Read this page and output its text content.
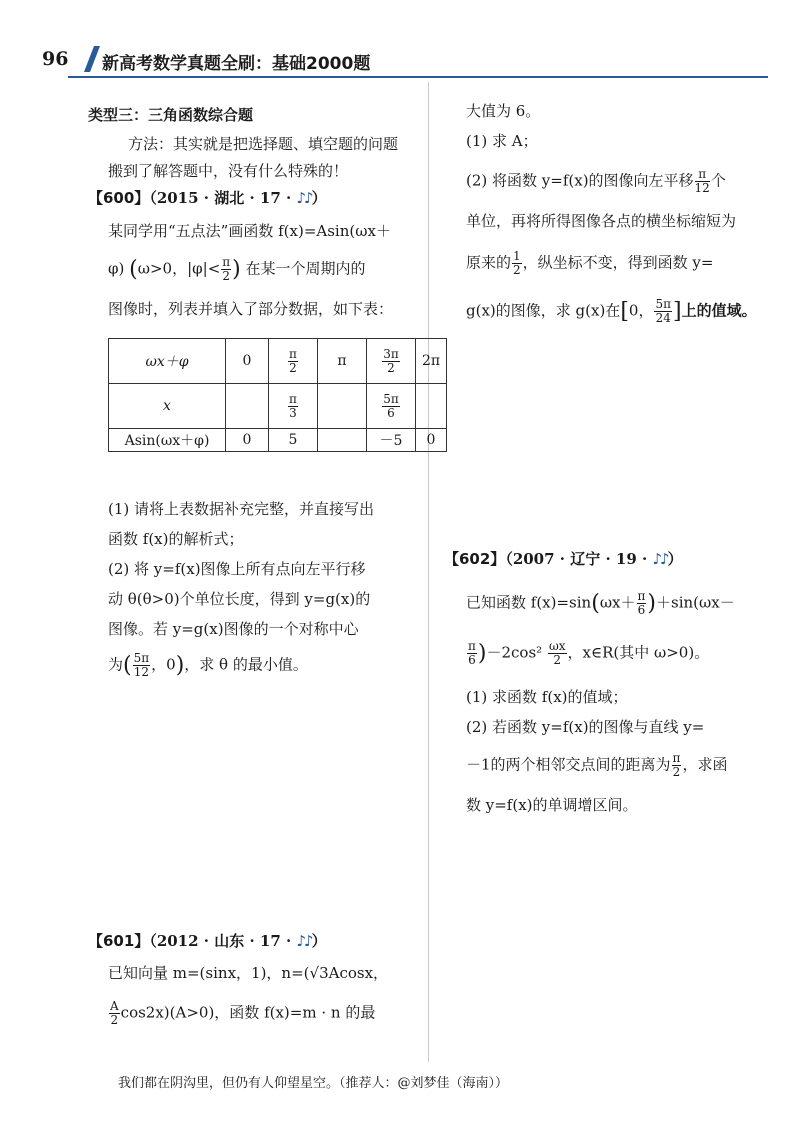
96 新高考数学真题全刷：基础2000题
类型三：三角函数综合题
方法：其实就是把选择题、填空题的问题
搬到了解答题中，没有什么特殊的！
【600】（2015 · 湖北 · 17 · ♪♪）
某同学用“五点法”画函数 f(x)=Asin(ωx＋
φ) (ω>0，$|\varphi|< \frac{\pi}{2}$ ) 在某一个周期内的
图像时，列表并填入了部分数据，如下表：
ωx＋φ	0	$\frac{\pi}{2}$	π	$\frac{3\pi}{2}$	2π
x		$\frac{\pi}{3}$		$\frac{5\pi}{6}$

Asin(ωx＋φ)	0	5		－5	0
(1) 请将上表数据补充完整，并直接写出
函数 f(x)的解析式；
(2) 将 y=f(x)图像上所有点向左平行移
动 θ(θ>0)个单位长度，得到 y=g(x)的
图像。若 y=g(x)图像的一个对称中心
为( $\frac{5\pi}{12}$ ，0)，求 θ 的最小值。
【601】（2012 · 山东 · 17 · ♪♪）
已知向量 m=(sinx，1)，n=(√3Acosx，
$\frac{A}{2} \cos 2x)(A>0)$，函数 f(x)=m · n 的最
大值为 6。
(1) 求 A；
(2) 将函数 y=f(x)的图像向左平移 $\frac{\pi}{12}$ 个
单位，再将所得图像各点的横坐标缩短为
原来的 $\frac{1}{2}$ ，纵坐标不变，得到函数 y=
g(x)的图像，求 g(x)在[0， $\frac{5\pi}{24}$ ]上的值域。
【602】（2007 · 辽宁 · 19 · ♪♪）
已知函数 $f(x)=\sin(\omega x+ \frac{\pi}{6} )+\sin(\omega x-$
$\frac{\pi}{6} )-2\cos^2 \frac{\omega x}{2}$ ，x∈R(其中 ω>0)。
(1) 求函数 f(x)的值域；
(2) 若函数 y=f(x)的图像与直线 y=
－1的两个相邻交点间的距离为 $\frac{\pi}{2}$ ，求函
数 y=f(x)的单调增区间。
我们都在阴沟里，但仍有人仰望星空。（推荐人：@刘梦佳（海南））
